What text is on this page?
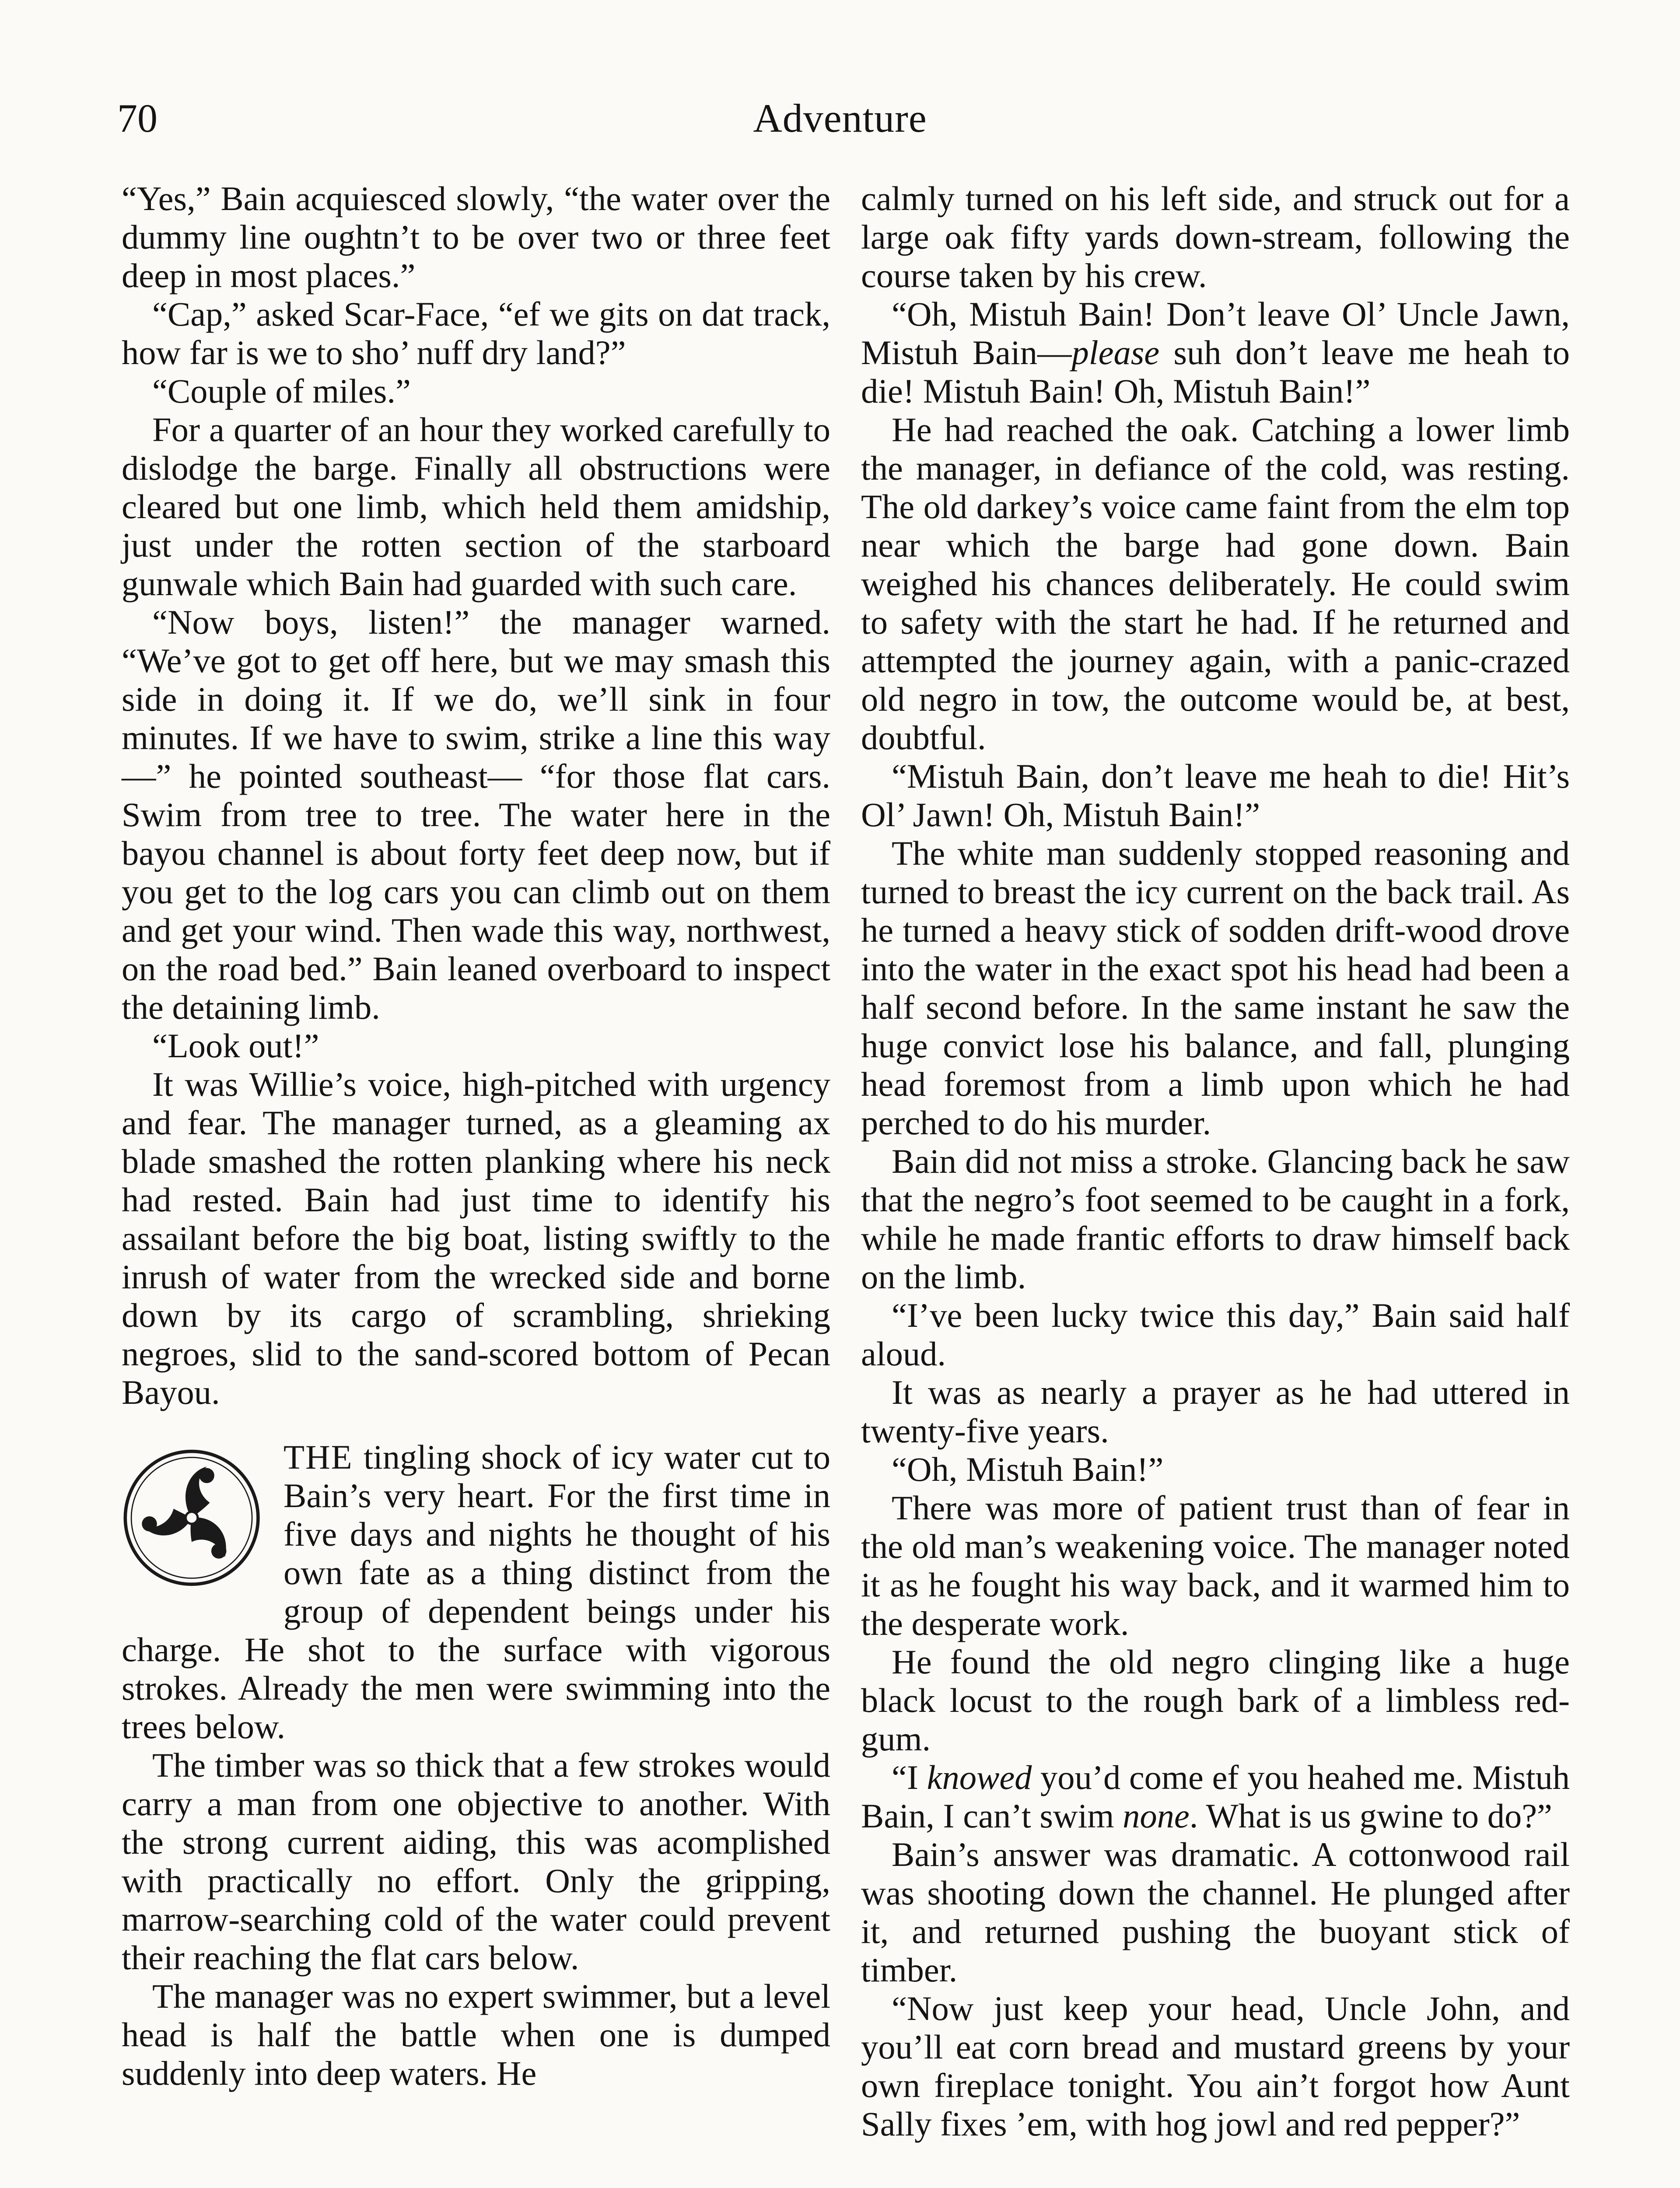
70	Adventure

“Yes,” Bain acquiesced slowly, “the water over the dummy line oughtn’t to be over two or three feet deep in most places.”

“Cap,” asked Scar-Face, “ef we gits on dat track, how far is we to sho’ nuff dry land?”

“Couple of miles.”

For a quarter of an hour they worked carefully to dislodge the barge. Finally all obstructions were cleared but one limb, which held them amidship, just under the rotten section of the starboard gunwale which Bain had guarded with such care.

“Now boys, listen!” the manager warned. “We’ve got to get off here, but we may smash this side in doing it. If we do, we’ll sink in four minutes. If we have to swim, strike a line this way—” he pointed southeast— “for those flat cars. Swim from tree to tree. The water here in the bayou channel is about forty feet deep now, but if you get to the log cars you can climb out on them and get your wind. Then wade this way, northwest, on the road bed.” Bain leaned overboard to inspect the detaining limb.

“Look out!”

It was Willie’s voice, high-pitched with urgency and fear. The manager turned, as a gleaming ax blade smashed the rotten planking where his neck had rested. Bain had just time to identify his assailant before the big boat, listing swiftly to the inrush of water from the wrecked side and borne down by its cargo of scrambling, shrieking negroes, slid to the sand-scored bottom of Pecan Bayou.

THE tingling shock of icy water cut to Bain’s very heart. For the first time in five days and nights he thought of his own fate as a thing distinct from the group of dependent beings under his charge. He shot to the surface with vigorous strokes. Already the men were swimming into the trees below.

The timber was so thick that a few strokes would carry a man from one objective to another. With the strong current aiding, this was acomplished with practically no effort. Only the gripping, marrow-searching cold of the water could prevent their reaching the flat cars below.

The manager was no expert swimmer, but a level head is half the battle when one is dumped suddenly into deep waters. He

calmly turned on his left side, and struck out for a large oak fifty yards down-stream, following the course taken by his crew.

“Oh, Mistuh Bain! Don’t leave Ol’ Uncle Jawn, Mistuh Bain—please suh don’t leave me heah to die! Mistuh Bain! Oh, Mistuh Bain!”

He had reached the oak. Catching a lower limb the manager, in defiance of the cold, was resting. The old darkey’s voice came faint from the elm top near which the barge had gone down. Bain weighed his chances deliberately. He could swim to safety with the start he had. If he returned and attempted the journey again, with a panic-crazed old negro in tow, the outcome would be, at best, doubtful.

“Mistuh Bain, don’t leave me heah to die! Hit’s Ol’ Jawn! Oh, Mistuh Bain!”

The white man suddenly stopped reasoning and turned to breast the icy current on the back trail. As he turned a heavy stick of sodden drift-wood drove into the water in the exact spot his head had been a half second before. In the same instant he saw the huge convict lose his balance, and fall, plunging head foremost from a limb upon which he had perched to do his murder.

Bain did not miss a stroke. Glancing back he saw that the negro’s foot seemed to be caught in a fork, while he made frantic efforts to draw himself back on the limb.

“I’ve been lucky twice this day,” Bain said half aloud.

It was as nearly a prayer as he had uttered in twenty-five years.

“Oh, Mistuh Bain!”

There was more of patient trust than of fear in the old man’s weakening voice. The manager noted it as he fought his way back, and it warmed him to the desperate work.

He found the old negro clinging like a huge black locust to the rough bark of a limbless red-gum.

“I knowed you’d come ef you heahed me. Mistuh Bain, I can’t swim none. What is us gwine to do?”

Bain’s answer was dramatic. A cottonwood rail was shooting down the channel. He plunged after it, and returned pushing the buoyant stick of timber.

“Now just keep your head, Uncle John, and you’ll eat corn bread and mustard greens by your own fireplace tonight. You ain’t forgot how Aunt Sally fixes ’em, with hog jowl and red pepper?”
